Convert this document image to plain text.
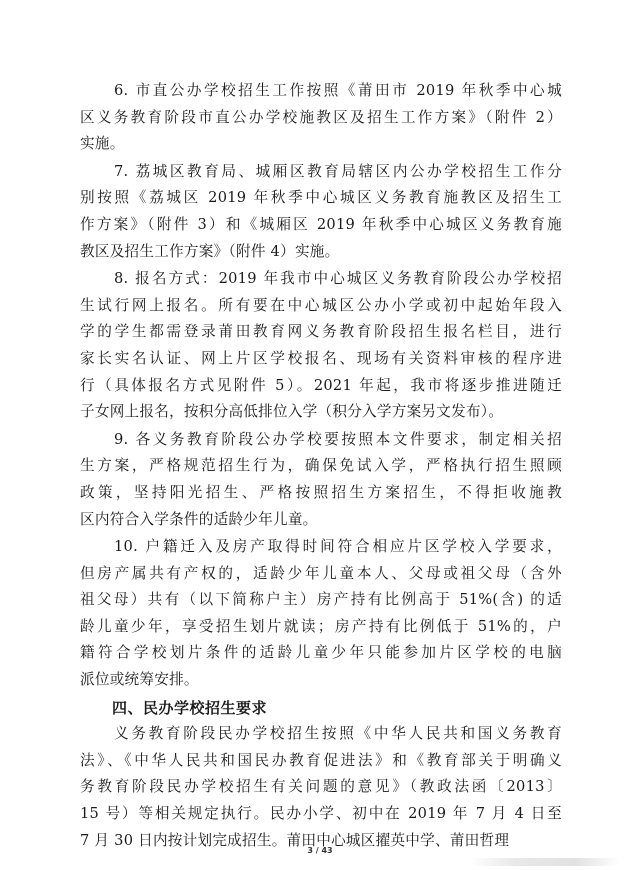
6. 市直公办学校招生工作按照《莆田市 2019 年秋季中心城
区义务教育阶段市直公办学校施教区及招生工作方案》（附件 2）
实施。
7. 荔城区教育局、城厢区教育局辖区内公办学校招生工作分
别按照《荔城区 2019 年秋季中心城区义务教育施教区及招生工
作方案》（附件 3）和《城厢区 2019 年秋季中心城区义务教育施
教区及招生工作方案》（附件 4）实施。
8. 报名方式：2019 年我市中心城区义务教育阶段公办学校招
生试行网上报名。所有要在中心城区公办小学或初中起始年段入
学的学生都需登录莆田教育网义务教育阶段招生报名栏目，进行
家长实名认证、网上片区学校报名、现场有关资料审核的程序进
行（具体报名方式见附件 5）。2021 年起，我市将逐步推进随迁
子女网上报名，按积分高低排位入学（积分入学方案另文发布）。
9. 各义务教育阶段公办学校要按照本文件要求，制定相关招
生方案，严格规范招生行为，确保免试入学，严格执行招生照顾
政策，坚持阳光招生、严格按照招生方案招生，不得拒收施教
区内符合入学条件的适龄少年儿童。
10. 户籍迁入及房产取得时间符合相应片区学校入学要求，
但房产属共有产权的，适龄少年儿童本人、父母或祖父母（含外
祖父母）共有（以下简称户主）房产持有比例高于 51%(含) 的适
龄儿童少年，享受招生划片就读；房产持有比例低于 51%的，户
籍符合学校划片条件的适龄儿童少年只能参加片区学校的电脑
派位或统筹安排。
四、民办学校招生要求
义务教育阶段民办学校招生按照《中华人民共和国义务教育
法》、《中华人民共和国民办教育促进法》和《教育部关于明确义
务教育阶段民办学校招生有关问题的意见》（教政法函〔2013〕
15 号）等相关规定执行。民办小学、初中在 2019 年 7 月 4 日至
7 月 30 日内按计划完成招生。莆田中心城区擢英中学、莆田哲理
3 / 43
